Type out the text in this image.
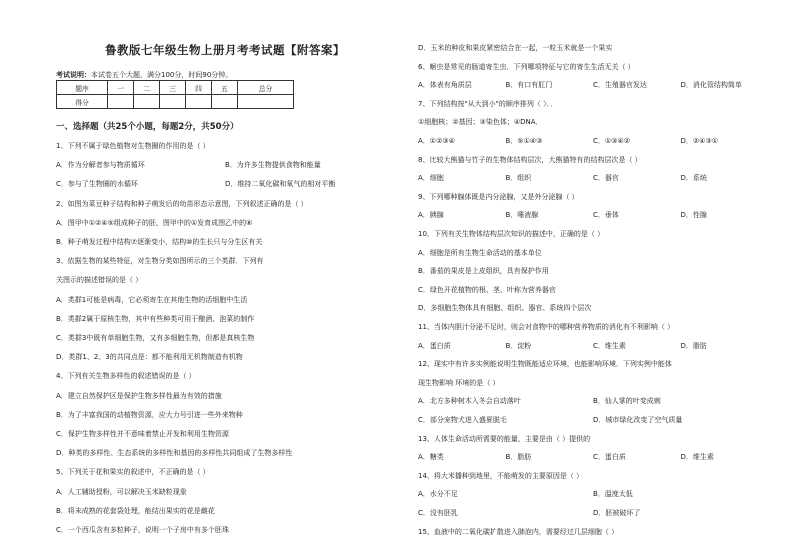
鲁教版七年级生物上册月考考试题【附答案】
考试说明：本试卷五个大题，满分100分，时间90分钟。
一、选择题（共25个小题，每题2分，共50分）
1、下列不属于绿色植物对生物圈的作用的是（ ）
A．作为分解者参与物质循环	B．为许多生物提供食物和能量
C．参与了生物圈的水循环	D．维持二氧化碳和氧气的相对平衡
2、如图为菜豆种子结构和种子萌发后的幼苗形态示意图，下列叙述正确的是（ ）
A．图甲中①②④⑤组成种子的胚，图甲中的①发育成图乙中的⑥
B．种子萌发过程中结构⑦逐渐变小，结构⑩的生长只与分生区有关
3、依据生物的某些特征，对生物分类如图所示的三个类群．下列有
关图示的描述错误的是（ ）
A．类群1可能是病毒，它必须寄生在其他生物的活细胞中生活
B．类群2属于原核生物，其中有些种类可用于酿酒、泡菜的制作
C．类群3中既有单细胞生物，又有多细胞生物，但都是真核生物
D．类群1、2、3的共同点是：都不能利用无机物制造有机物
4、下列有关生物多样性的叙述错误的是（ ）
A．建立自然保护区是保护生物多样性最为有效的措施
B．为了丰富我国的动植物资源，应大力号引进一些外来物种
C．保护生物多样性并不意味着禁止开发和利用生物资源
D．种类的多样性、生态系统的多样性和基因的多样性共同组成了生物多样性
5、下列关于花和果实的叙述中，不正确的是（ ）
A．人工辅助授粉，可以解决玉米缺粒现象
B．将未成熟的花套袋处理，能结出果实的花是雌花
C．一个西瓜含有多粒种子，说明一个子房中有多个胚珠
题序	一	二	三	四	五	总分
得分						
D．玉米的种皮和果皮紧密结合在一起，一粒玉米就是一个果实
6、蛔虫是常见的肠道寄生虫．下列哪项特征与它的寄生生活无关（ ）
A．体表有角质层	B．有口有肛门	C．生殖器官发达	D．消化管结构简单
7、下列结构按"从大到小"的顺序排列（ ）．．
①细胞核；②基因；③染色体；④DNA．
A．①②③④	B．⑤①④③	C．①③④②	D．②④③①
8、比较大熊猫与竹子的生物体结构层次，大熊猫特有的结构层次是（ ）
A．细胞	B．组织	C．器官	D．系统
9、下列哪种腺体既是内分泌腺，又是外分泌腺（ ）
A．胰腺	B．唾液腺	C．垂体	D．性腺
10、下列有关生物体结构层次知识的描述中，正确的是（ ）
A．细胞是所有生物生命活动的基本单位
B．番茄的果皮是上皮组织，具有保护作用
C．绿色开花植物的根、茎、叶称为营养器官
D．多细胞生物体具有细胞、组织、器官、系统四个层次
11、当体内胆汁分泌不足时，则会对食物中的哪种营养物质的消化有不利影响（ ）
A．蛋白质	B．淀粉	C．维生素	D．脂肪
12、现实中有许多实例能说明生物既能适应环境，也能影响环境．下列实例中能体
现生物影响 环境的是（ ）
A．北方多种树木入冬会自动落叶	B．仙人掌的叶变成刺
C．部分宠物犬进入盛夏脱毛	D．城市绿化改变了空气质量
13、人体生命活动所需要的能量，主要是由（ ）提供的
A．糖类	B．脂肪	C．蛋白质	D．维生素
14、将大米播种到地里，不能萌发的主要原因是（ ）
A．水分不足	B．温度太低
C．没有胚乳	D．胚被破坏了
15、血液中的二氧化碳扩散进入肺泡内，需要经过几层细胞（ ）
